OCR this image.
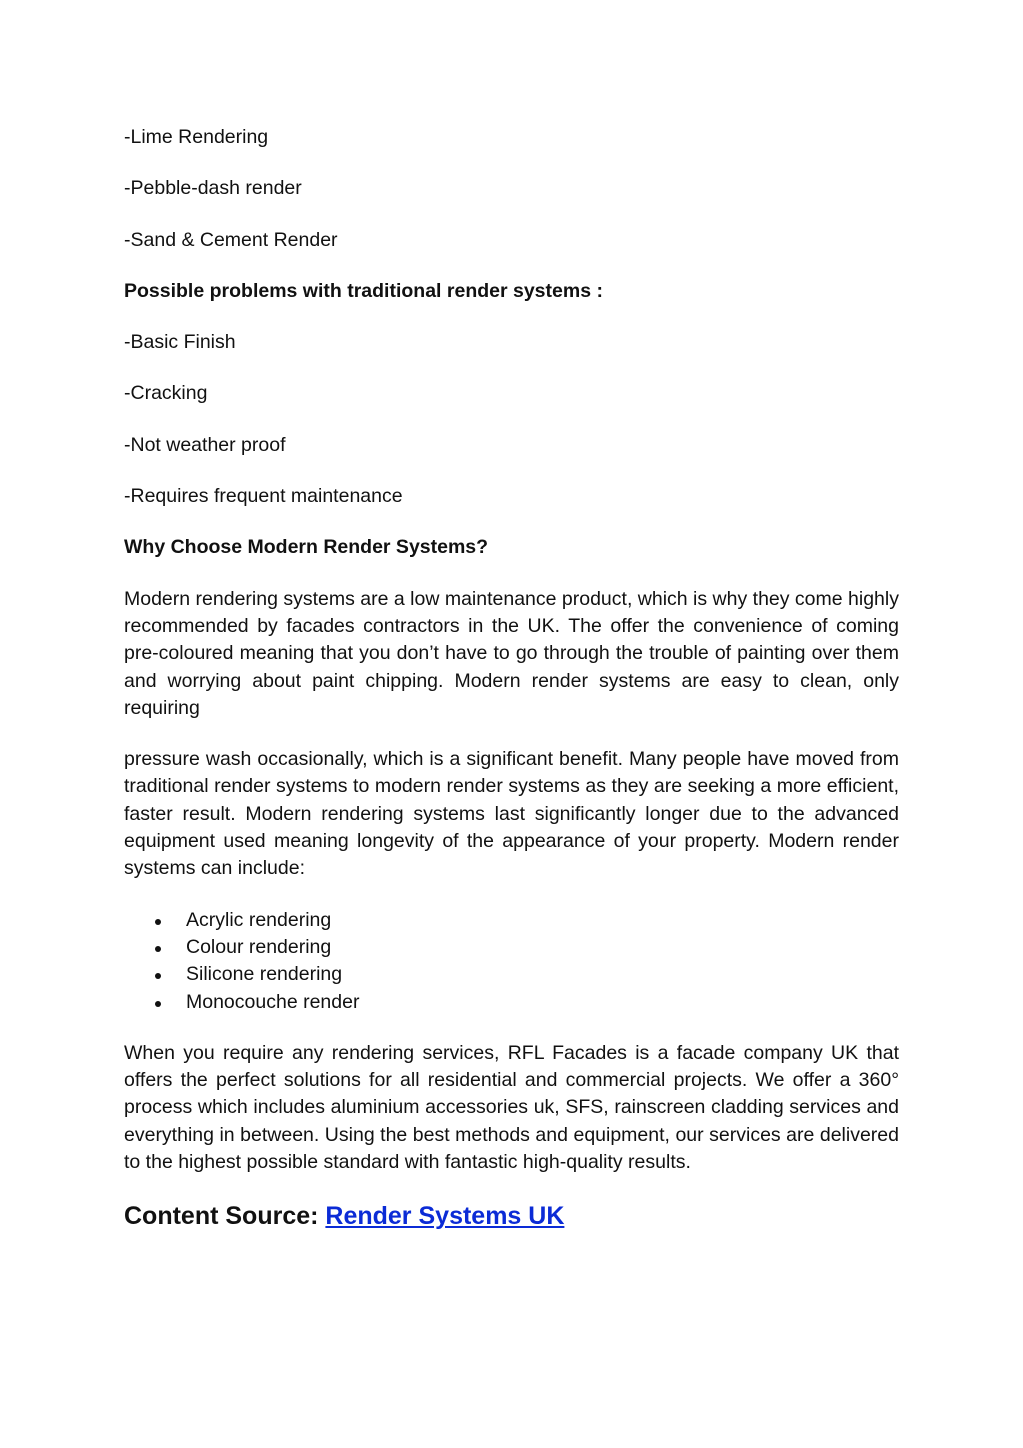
-Lime Rendering

-Pebble-dash render

-Sand & Cement Render

Possible problems with traditional render systems :

-Basic Finish

-Cracking

-Not weather proof

-Requires frequent maintenance

Why Choose Modern Render Systems?

Modern rendering systems are a low maintenance product, which is why they come highly recommended by facades contractors in the UK. The offer the convenience of coming pre-coloured meaning that you don’t have to go through the trouble of painting over them and worrying about paint chipping. Modern render systems are easy to clean, only requiring

pressure wash occasionally, which is a significant benefit. Many people have moved from traditional render systems to modern render systems as they are seeking a more efficient, faster result. Modern rendering systems last significantly longer due to the advanced equipment used meaning longevity of the appearance of your property. Modern render systems can include:

Acrylic rendering
Colour rendering
Silicone rendering
Monocouche render

When you require any rendering services, RFL Facades is a facade company UK that offers the perfect solutions for all residential and commercial projects. We offer a 360° process which includes aluminium accessories uk, SFS, rainscreen cladding services and everything in between. Using the best methods and equipment, our services are delivered to the highest possible standard with fantastic high-quality results.

Content Source: Render Systems UK
